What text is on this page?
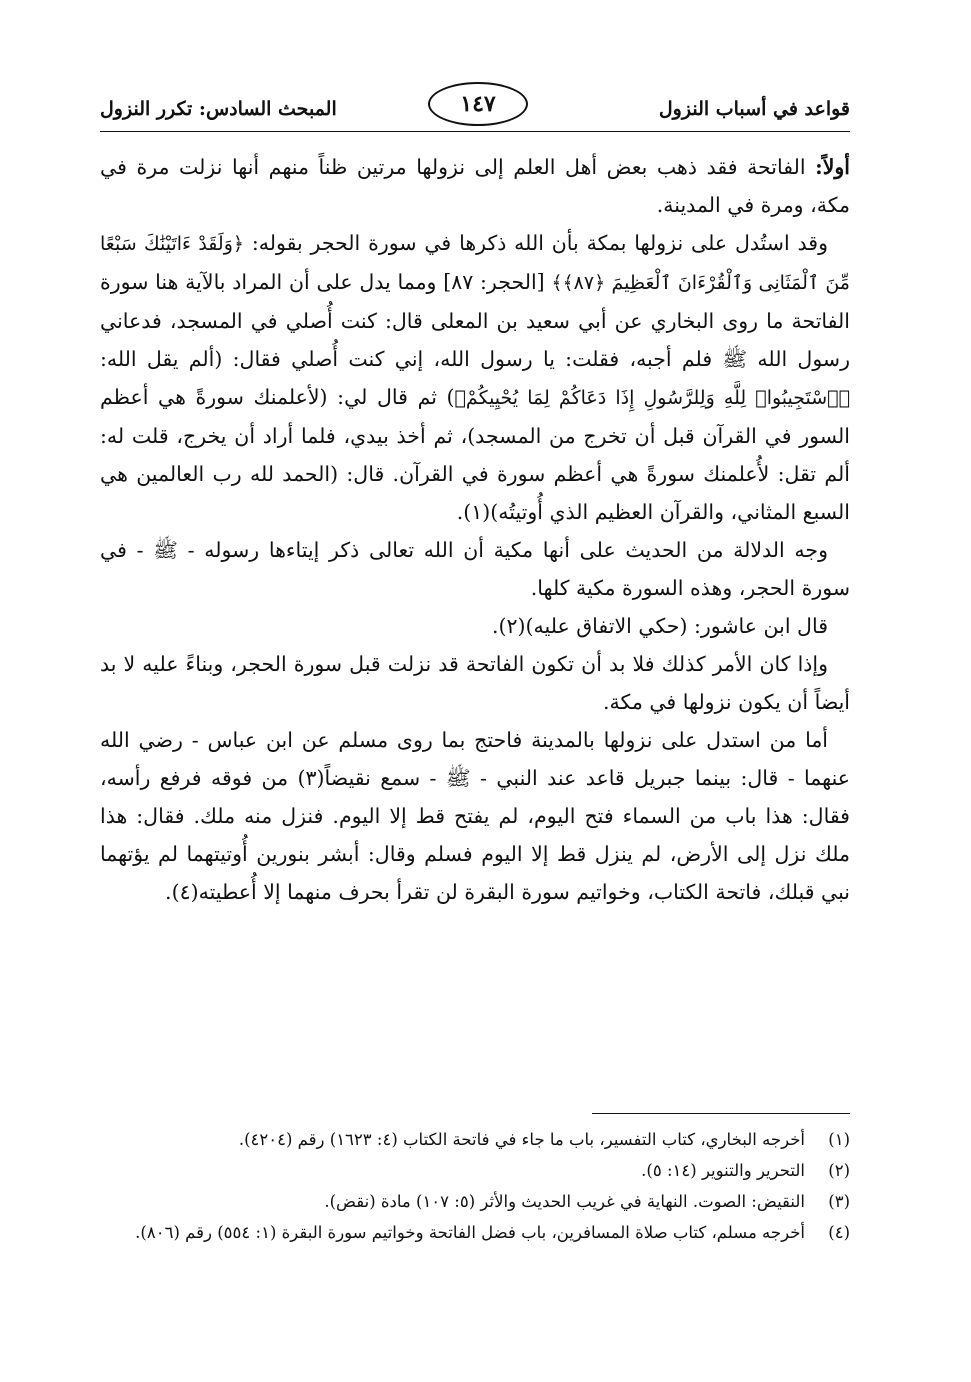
قواعد في أسباب النزول
١٤٧
المبحث السادس: تكرر النزول

أولاً: الفاتحة فقد ذهب بعض أهل العلم إلى نزولها مرتين ظناً منهم أنها نزلت مرة في مكة، ومرة في المدينة.

وقد استُدل على نزولها بمكة بأن الله ذكرها في سورة الحجر بقوله: ﴿وَلَقَدْ ءَاتَيْنَٰكَ سَبْعًا مِّنَ ٱلْمَثَانِى وَٱلْقُرْءَانَ ٱلْعَظِيمَ ﴿٨٧﴾﴾ [الحجر: ٨٧] ومما يدل على أن المراد بالآية هنا سورة الفاتحة ما روى البخاري عن أبي سعيد بن المعلى قال: كنت أُصلي في المسجد، فدعاني رسول الله ﷺ فلم أجبه، فقلت: يا رسول الله، إني كنت أُصلي فقال: (ألم يقل الله: ﴿ٱسْتَجِيبُوا۟ لِلَّهِ وَلِلرَّسُولِ إِذَا دَعَاكُمْ لِمَا يُحْيِيكُمْ﴾) ثم قال لي: (لأعلمنك سورةً هي أعظم السور في القرآن قبل أن تخرج من المسجد)، ثم أخذ بيدي، فلما أراد أن يخرج، قلت له: ألم تقل: لأُعلمنك سورةً هي أعظم سورة في القرآن. قال: (الحمد لله رب العالمين هي السبع المثاني، والقرآن العظيم الذي أُوتيتُه)(١).

وجه الدلالة من الحديث على أنها مكية أن الله تعالى ذكر إيتاءها رسوله - ﷺ - في سورة الحجر، وهذه السورة مكية كلها.

قال ابن عاشور: (حكي الاتفاق عليه)(٢).

وإذا كان الأمر كذلك فلا بد أن تكون الفاتحة قد نزلت قبل سورة الحجر، وبناءً عليه لا بد أيضاً أن يكون نزولها في مكة.

أما من استدل على نزولها بالمدينة فاحتج بما روى مسلم عن ابن عباس - رضي الله عنهما - قال: بينما جبريل قاعد عند النبي - ﷺ - سمع نقيضاً(٣) من فوقه فرفع رأسه، فقال: هذا باب من السماء فتح اليوم، لم يفتح قط إلا اليوم. فنزل منه ملك. فقال: هذا ملك نزل إلى الأرض، لم ينزل قط إلا اليوم فسلم وقال: أبشر بنورين أُوتيتهما لم يؤتهما نبي قبلك، فاتحة الكتاب، وخواتيم سورة البقرة لن تقرأ بحرف منهما إلا أُعطيته(٤).

(١)
أخرجه البخاري، كتاب التفسير، باب ما جاء في فاتحة الكتاب (٤: ١٦٢٣) رقم (٤٢٠٤).
(٢)
التحرير والتنوير (١٤: ٥).
(٣)
النقيض: الصوت. النهاية في غريب الحديث والأثر (٥: ١٠٧) مادة (نقض).
(٤)
أخرجه مسلم، كتاب صلاة المسافرين، باب فضل الفاتحة وخواتيم سورة البقرة (١: ٥٥٤) رقم (٨٠٦).
